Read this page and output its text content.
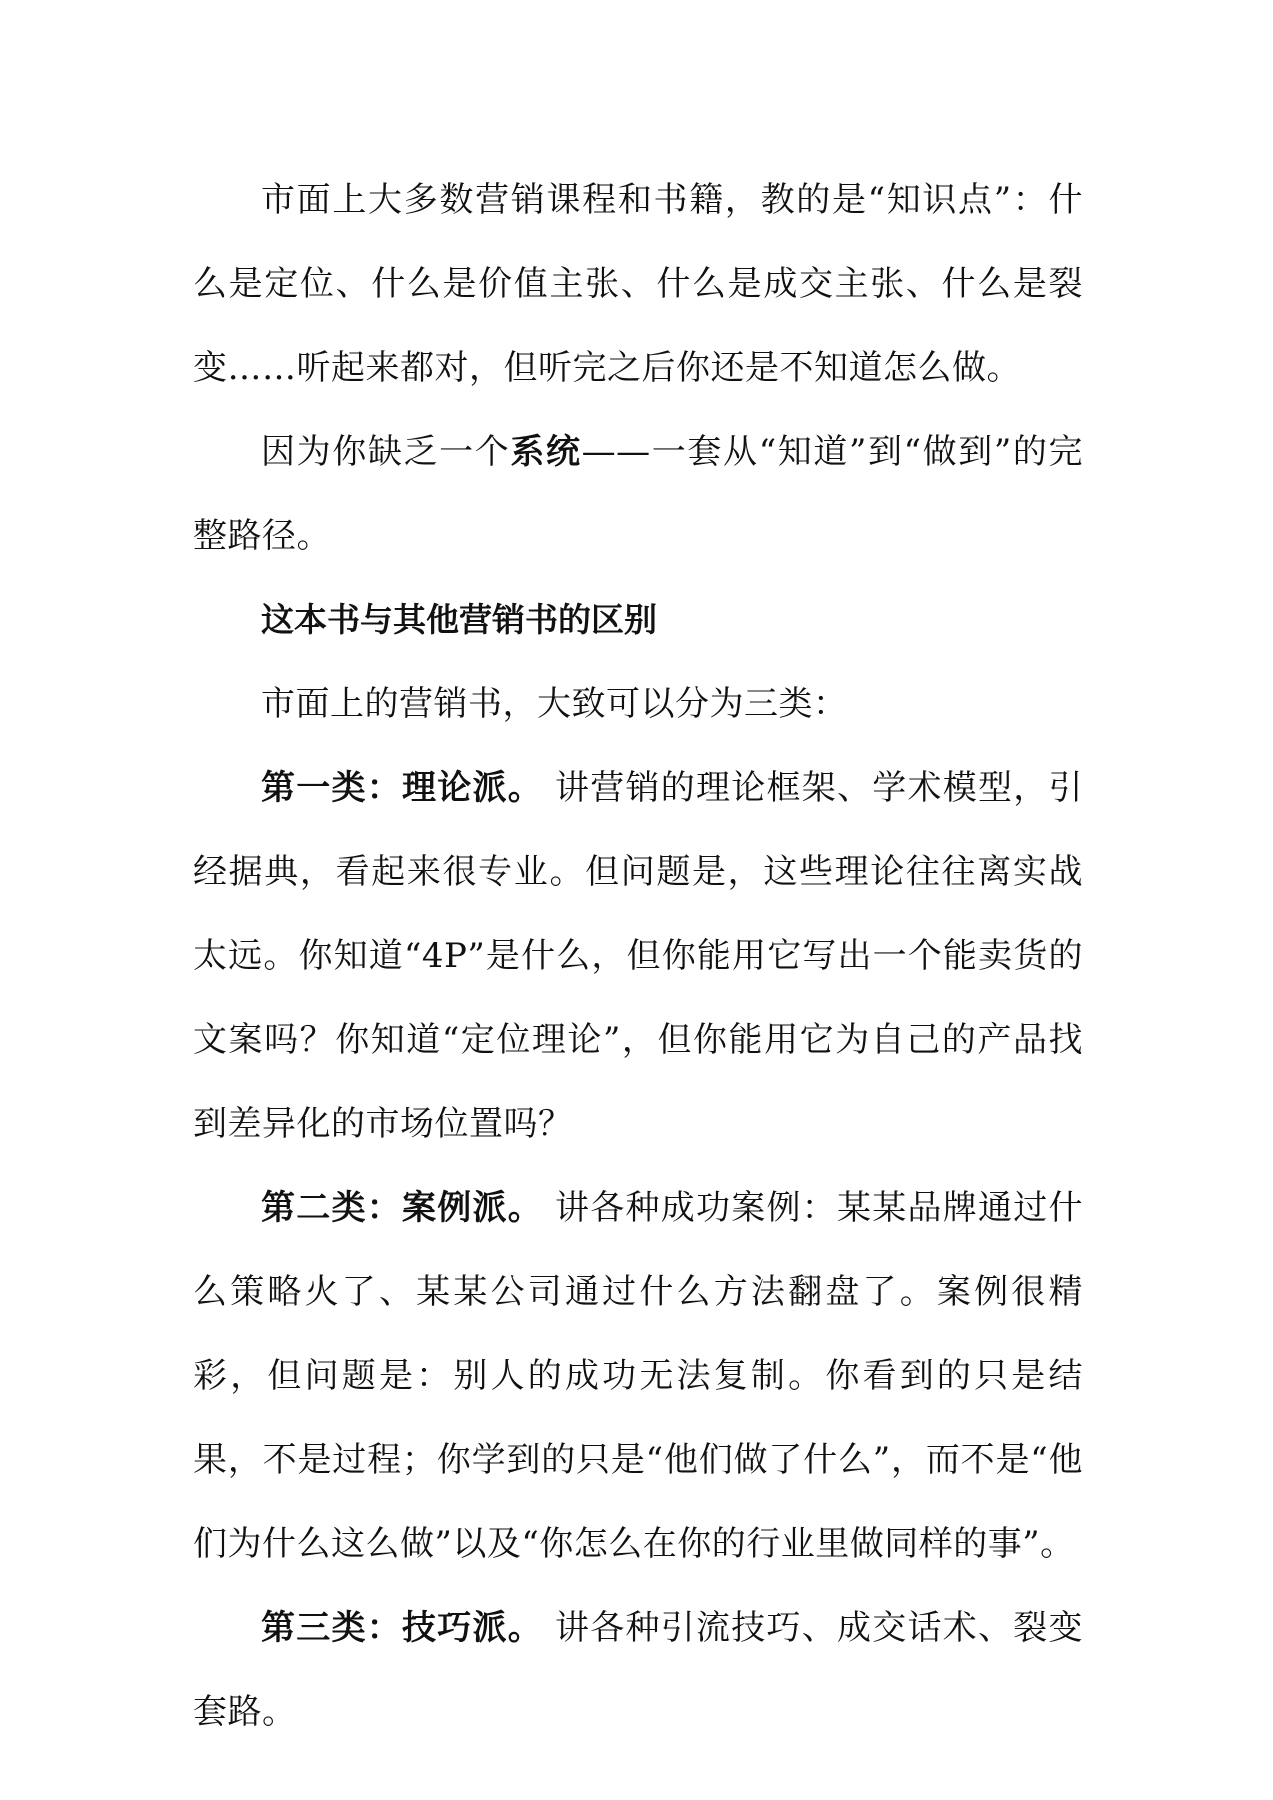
市面上大多数营销课程和书籍，教的是“知识点”：什么是定位、什么是价值主张、什么是成交主张、什么是裂变……听起来都对，但听完之后你还是不知道怎么做。

因为你缺乏一个系统——一套从“知道”到“做到”的完整路径。

这本书与其他营销书的区别

市面上的营销书，大致可以分为三类：

第一类：理论派。 讲营销的理论框架、学术模型，引经据典，看起来很专业。但问题是，这些理论往往离实战太远。你知道“4P”是什么，但你能用它写出一个能卖货的文案吗？你知道“定位理论”，但你能用它为自己的产品找到差异化的市场位置吗？

第二类：案例派。 讲各种成功案例：某某品牌通过什么策略火了、某某公司通过什么方法翻盘了。案例很精彩，但问题是：别人的成功无法复制。你看到的只是结果，不是过程；你学到的只是“他们做了什么”，而不是“他们为什么这么做”以及“你怎么在你的行业里做同样的事”。

第三类：技巧派。 讲各种引流技巧、成交话术、裂变套路。
